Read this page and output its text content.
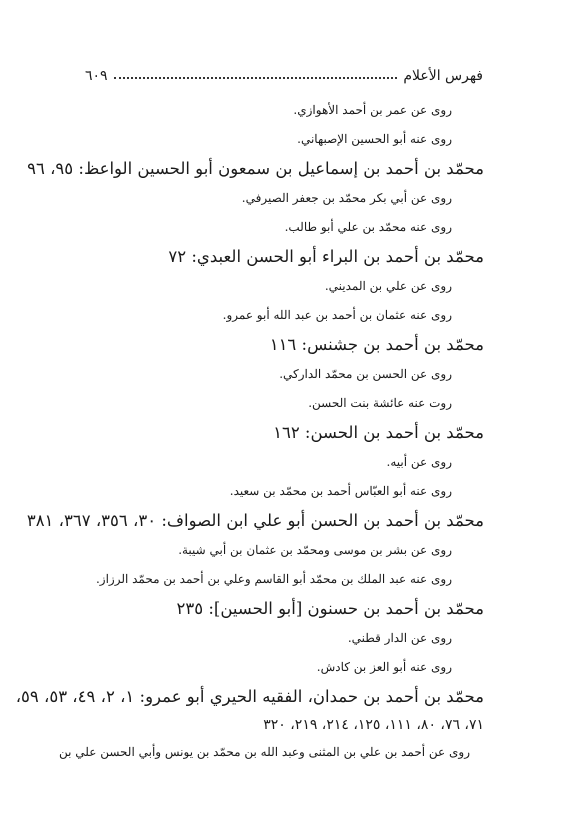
فهرس الأعلام
٦٠٩
روى عن عمر بن أحمد الأهوازي.
روى عنه أبو الحسين الإصبهاني.
محمّد بن أحمد بن إسماعيل بن سمعون أبو الحسين الواعظ: ٩٥، ٩٦
روى عن أبي بكر محمّد بن جعفر الصيرفي.
روى عنه محمّد بن علي أبو طالب.
محمّد بن أحمد بن البراء أبو الحسن العبدي: ٧٢
روى عن علي بن المديني.
روى عنه عثمان بن أحمد بن عبد الله أبو عمرو.
محمّد بن أحمد بن جشنس: ١١٦
روى عن الحسن بن محمّد الداركي.
روت عنه عائشة بنت الحسن.
محمّد بن أحمد بن الحسن: ١٦٢
روى عن أبيه.
روى عنه أبو العبّاس أحمد بن محمّد بن سعيد.
محمّد بن أحمد بن الحسن أبو علي ابن الصواف: ٣٠، ٣٥٦، ٣٦٧، ٣٨١
روى عن بشر بن موسى ومحمّد بن عثمان بن أبي شيبة.
روى عنه عبد الملك بن محمّد أبو القاسم وعلي بن أحمد بن محمّد الرزاز.
محمّد بن أحمد بن حسنون [أبو الحسين]: ٢٣٥
روى عن الدار قطني.
روى عنه أبو العز بن كادش.
محمّد بن أحمد بن حمدان، الفقيه الحيري أبو عمرو: ١، ٢، ٤٩، ٥٣، ٥٩،
٧١، ٧٦، ٨٠، ١١١، ١٢٥، ٢١٤، ٢١٩، ٣٢٠
روى عن أحمد بن علي بن المثنى وعبد الله بن محمّد بن يونس وأبي الحسن علي بن
